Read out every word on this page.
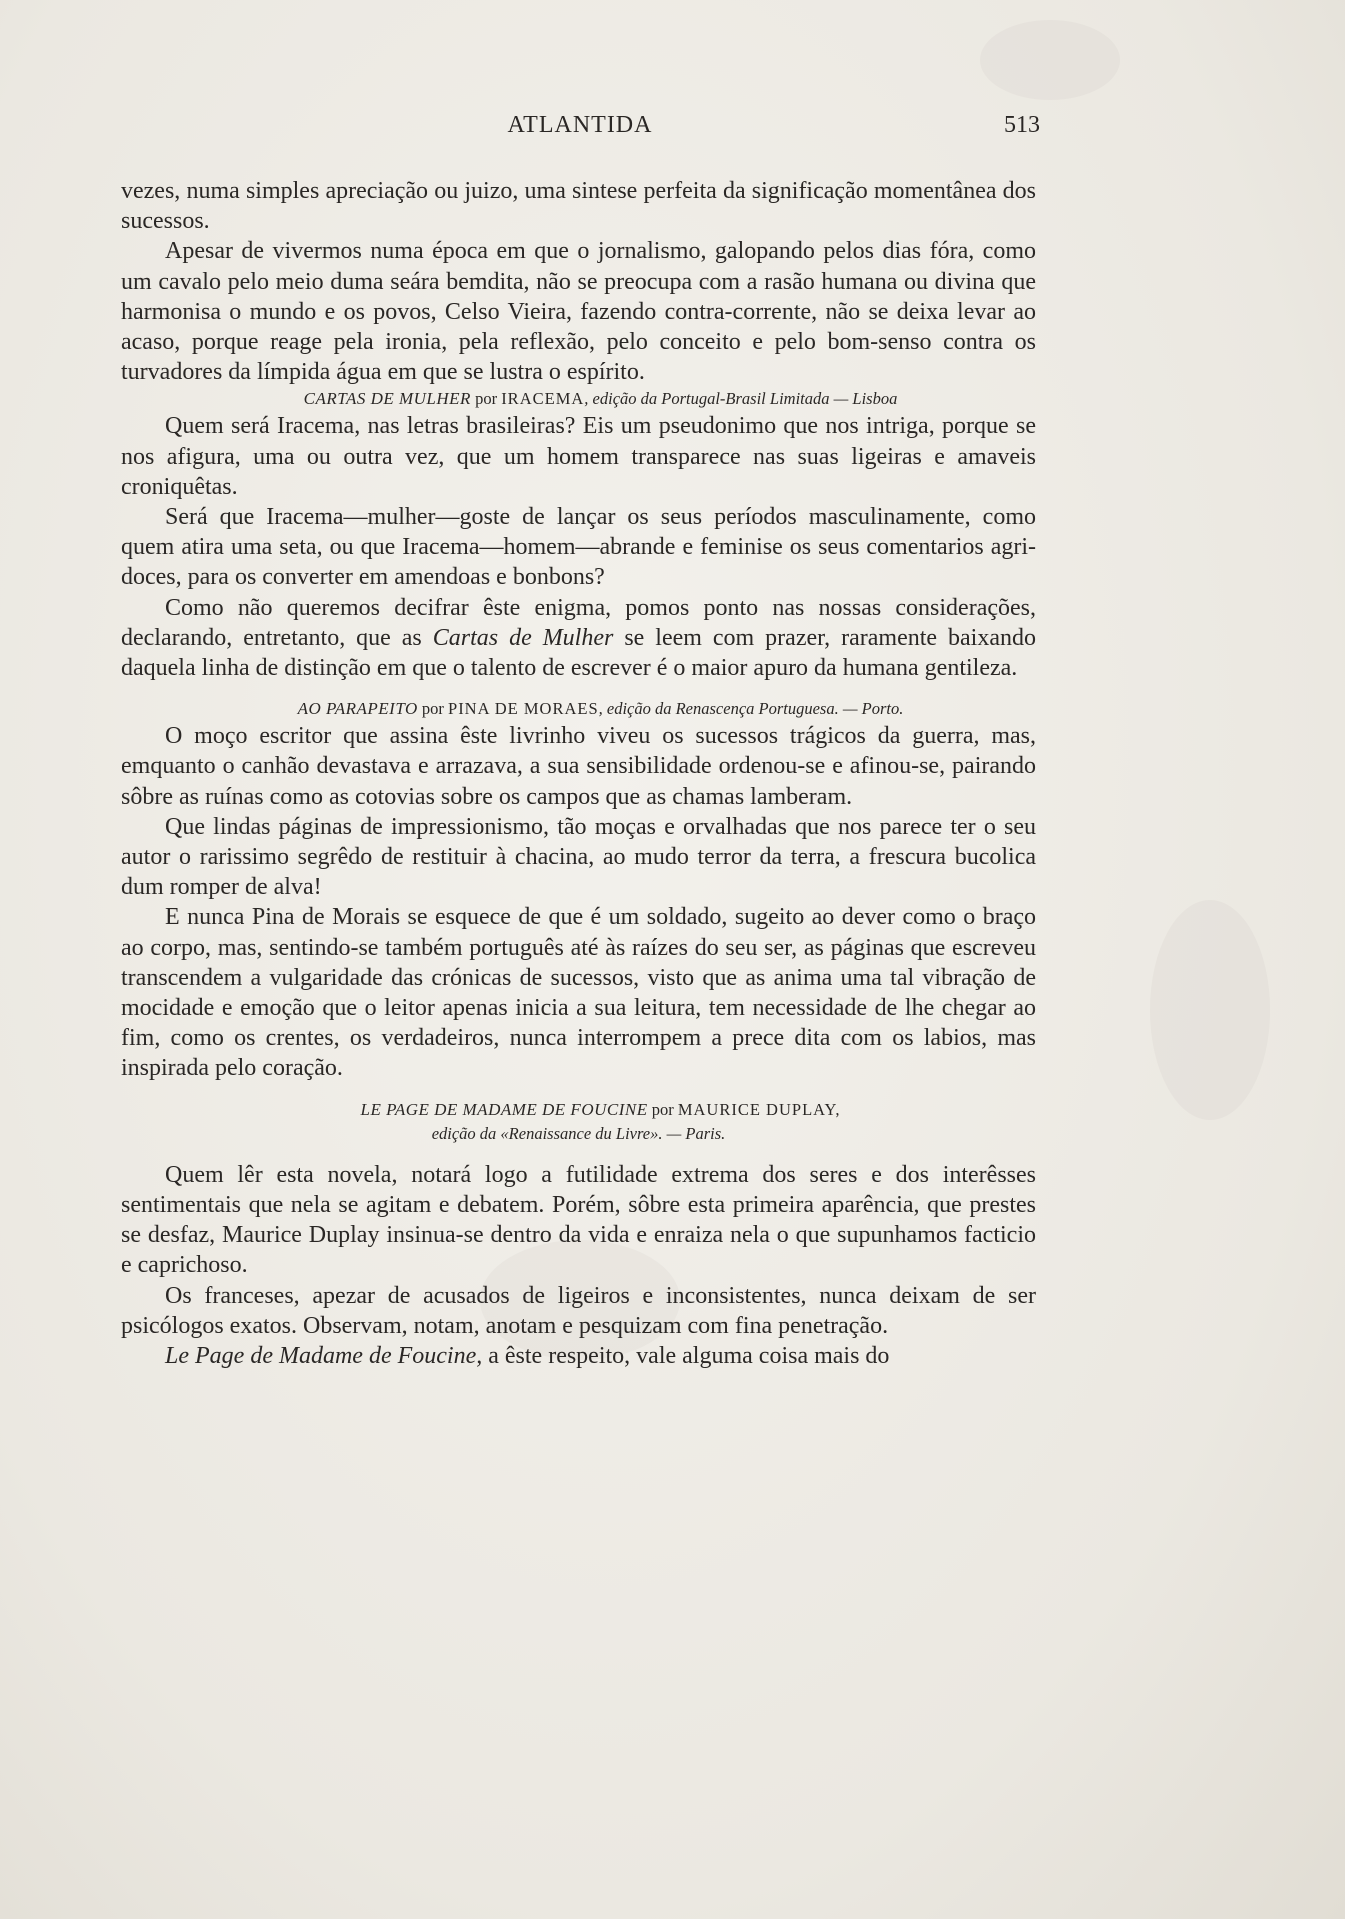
ATLANTIDA	513

vezes, numa simples apreciação ou juizo, uma sintese perfeita da significação momentânea dos sucessos.

Apesar de vivermos numa época em que o jornalismo, galopando pelos dias fóra, como um cavalo pelo meio duma seára bemdita, não se preocupa com a rasão humana ou divina que harmonisa o mundo e os povos, Celso Vieira, fazendo contra-corrente, não se deixa levar ao acaso, porque reage pela ironia, pela reflexão, pelo conceito e pelo bom-senso contra os turvadores da límpida água em que se lustra o espírito.

CARTAS DE MULHER por IRACEMA, edição da Portugal-Brasil Limitada — Lisboa

Quem será Iracema, nas letras brasileiras? Eis um pseudonimo que nos intriga, porque se nos afigura, uma ou outra vez, que um homem transparece nas suas ligeiras e amaveis croniquêtas.

Será que Iracema—mulher—goste de lançar os seus períodos masculinamente, como quem atira uma seta, ou que Iracema—homem—abrande e feminise os seus comentarios agri-doces, para os converter em amendoas e bonbons?

Como não queremos decifrar êste enigma, pomos ponto nas nossas considerações, declarando, entretanto, que as Cartas de Mulher se leem com prazer, raramente baixando daquela linha de distinção em que o talento de escrever é o maior apuro da humana gentileza.

AO PARAPEITO por PINA DE MORAES, edição da Renascença Portuguesa. — Porto.

O moço escritor que assina êste livrinho viveu os sucessos trágicos da guerra, mas, emquanto o canhão devastava e arrazava, a sua sensibilidade ordenou-se e afinou-se, pairando sôbre as ruínas como as cotovias sobre os campos que as chamas lamberam.

Que lindas páginas de impressionismo, tão moças e orvalhadas que nos parece ter o seu autor o rarissimo segrêdo de restituir à chacina, ao mudo terror da terra, a frescura bucolica dum romper de alva!

E nunca Pina de Morais se esquece de que é um soldado, sugeito ao dever como o braço ao corpo, mas, sentindo-se também português até às raízes do seu ser, as páginas que escreveu transcendem a vulgaridade das crónicas de sucessos, visto que as anima uma tal vibração de mocidade e emoção que o leitor apenas inicia a sua leitura, tem necessidade de lhe chegar ao fim, como os crentes, os verdadeiros, nunca interrompem a prece dita com os labios, mas inspirada pelo coração.

LE PAGE DE MADAME DE FOUCINE por MAURICE DUPLAY,
edição da «Renaissance du Livre». — Paris.

Quem lêr esta novela, notará logo a futilidade extrema dos seres e dos interêsses sentimentais que nela se agitam e debatem. Porém, sôbre esta primeira aparência, que prestes se desfaz, Maurice Duplay insinua-se dentro da vida e enraiza nela o que supunhamos facticio e caprichoso.

Os franceses, apezar de acusados de ligeiros e inconsistentes, nunca deixam de ser psicólogos exatos. Observam, notam, anotam e pesquizam com fina penetração.

Le Page de Madame de Foucine, a êste respeito, vale alguma coisa mais do
